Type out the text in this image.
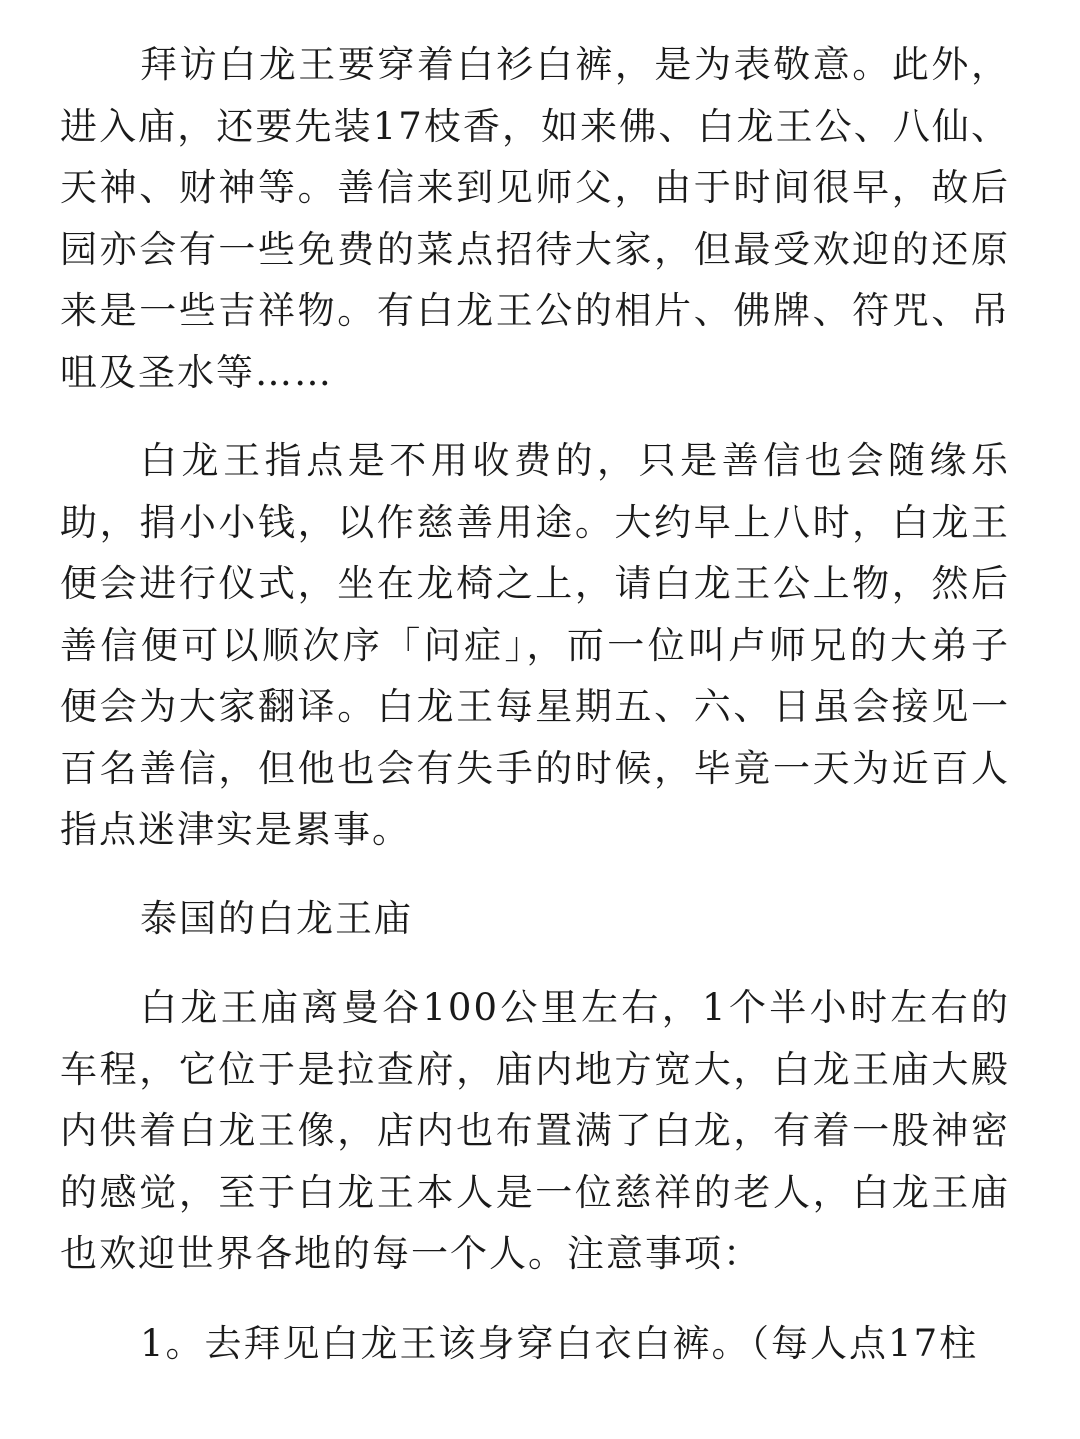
拜访白龙王要穿着白衫白裤，是为表敬意。此外，进入庙，还要先装17枝香，如来佛、白龙王公、八仙、天神、财神等。善信来到见师父，由于时间很早，故后园亦会有一些免费的菜点招待大家，但最受欢迎的还原来是一些吉祥物。有白龙王公的相片、佛牌、符咒、吊咀及圣水等……

白龙王指点是不用收费的，只是善信也会随缘乐助，捐小小钱，以作慈善用途。大约早上八时，白龙王便会进行仪式，坐在龙椅之上，请白龙王公上物，然后善信便可以顺次序「问症」，而一位叫卢师兄的大弟子便会为大家翻译。白龙王每星期五、六、日虽会接见一百名善信，但他也会有失手的时候，毕竟一天为近百人指点迷津实是累事。

泰国的白龙王庙

白龙王庙离曼谷100公里左右，1个半小时左右的车程，它位于是拉查府，庙内地方宽大，白龙王庙大殿内供着白龙王像，店内也布置满了白龙，有着一股神密的感觉，至于白龙王本人是一位慈祥的老人，白龙王庙也欢迎世界各地的每一个人。注意事项：

1。去拜见白龙王该身穿白衣白裤。（每人点17柱
